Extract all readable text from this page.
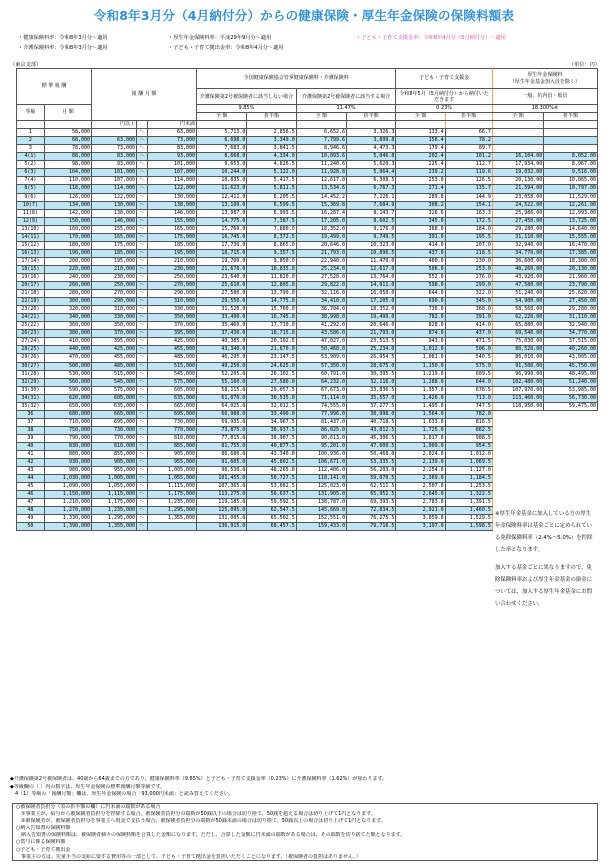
令和8年3月分（4月納付分）からの健康保険・厚生年金保険の保険料額表
・健康保険料率：令和8年3月分～適用
・介護保険料率：令和8年3月分～適用
・厚生年金保険料率：平成29年9月分～適用
・子ども・子育て拠出金率：令和8年4月分～適用
・子ども・子育て支援金率：令和8年4月分（5月納付分）～適用
（東京支部）	（単位：円）
標 準 報 酬		報 酬 月 額			全国健康保険協会管掌健康保険料・介護保険料				子ども・子育て支援金		厚生年金保険料
（厚生年金基金加入員を除く）	
					介護保険第2号被保険者に該当しない場合		介護保険第2号被保険者に該当する場合		令和8年5月（5月納付分）から納付いただきます		一般、坑内員・船員	
等級	月 額				9.85%		11.47%		0.23%		18.300%※	
					全 額	折半額	全 額	折半額	全 額	折半額	全 額	折半額
		円以上		円未満								
1	58,000		～	63,000	5,713.0	2,856.5	6,652.6	3,326.3	133.4	66.7		
2	68,000	63,000	～	73,000	6,698.0	3,349.0	7,799.6	3,899.8	156.4	78.2		
3	78,000	73,000	～	83,000	7,683.0	3,841.5	8,946.6	4,473.3	179.4	89.7		
4(1)	88,000	83,000	～	93,000	8,668.0	4,334.0	10,093.6	5,046.8	202.4	101.2	16,104.00	8,052.00
5(2)	98,000	93,000	～	101,000	9,653.0	4,826.5	11,240.6	5,620.3	225.4	112.7	17,934.00	8,967.00
6(3)	104,000	101,000	～	107,000	10,244.0	5,122.0	11,928.8	5,964.4	239.2	119.6	19,032.00	9,516.00
7(4)	110,000	107,000	～	114,000	10,835.0	5,417.5	12,617.0	6,308.5	253.0	126.5	20,130.00	10,065.00
8(5)	118,000	114,000	～	122,000	11,623.0	5,811.5	13,534.6	6,767.3	271.4	135.7	21,594.00	10,797.00
9(6)	126,000	122,000	～	130,000	12,411.0	6,205.5	14,452.2	7,226.1	289.8	144.9	23,058.00	11,529.00
10(7)	134,000	130,000	～	138,000	13,199.0	6,599.5	15,369.8	7,684.9	308.2	154.1	24,522.00	12,261.00
11(8)	142,000	138,000	～	146,000	13,987.0	6,993.5	16,287.4	8,143.7	326.6	163.3	25,986.00	12,993.00
12(9)	150,000	146,000	～	155,000	14,775.0	7,387.5	17,205.0	8,602.5	345.0	172.5	27,450.00	13,725.00
13(10)	160,000	155,000	～	165,000	15,760.0	7,880.0	18,352.0	9,176.0	368.0	184.0	29,280.00	14,640.00
14(11)	170,000	165,000	～	175,000	16,745.0	8,372.5	19,499.0	9,749.5	391.0	195.5	31,110.00	15,555.00
15(12)	180,000	175,000	～	185,000	17,730.0	8,865.0	20,646.0	10,323.0	414.0	207.0	32,940.00	16,470.00
16(13)	190,000	185,000	～	195,000	18,715.0	9,357.5	21,793.0	10,896.5	437.0	218.5	34,770.00	17,385.00
17(14)	200,000	195,000	～	210,000	19,700.0	9,850.0	22,940.0	11,470.0	460.0	230.0	36,600.00	18,300.00
18(15)	220,000	210,000	～	230,000	21,670.0	10,835.0	25,234.0	12,617.0	506.0	253.0	40,260.00	20,130.00
19(16)	240,000	230,000	～	250,000	23,640.0	11,820.0	27,528.0	13,764.0	552.0	276.0	43,920.00	21,960.00
20(17)	260,000	250,000	～	270,000	25,610.0	12,805.0	29,822.0	14,911.0	598.0	299.0	47,580.00	23,790.00
21(18)	280,000	270,000	～	290,000	27,580.0	13,790.0	32,116.0	16,058.0	644.0	322.0	51,240.00	25,620.00
22(19)	300,000	290,000	～	310,000	29,550.0	14,775.0	34,410.0	17,205.0	690.0	345.0	54,900.00	27,450.00
23(20)	320,000	310,000	～	330,000	31,520.0	15,760.0	36,704.0	18,352.0	736.0	368.0	58,560.00	29,280.00
24(21)	340,000	330,000	～	350,000	33,490.0	16,745.0	38,998.0	19,499.0	782.0	391.0	62,220.00	31,110.00
25(22)	360,000	350,000	～	370,000	35,460.0	17,730.0	41,292.0	20,646.0	828.0	414.0	65,880.00	32,940.00
26(23)	380,000	370,000	～	395,000	37,430.0	18,715.0	43,586.0	21,793.0	874.0	437.0	69,540.00	34,770.00
27(24)	410,000	395,000	～	425,000	40,385.0	20,192.5	47,027.0	23,513.5	943.0	471.5	75,030.00	37,515.00
28(25)	440,000	425,000	～	455,000	43,340.0	21,670.0	50,468.0	25,234.0	1,012.0	506.0	80,520.00	40,260.00
29(26)	470,000	455,000	～	485,000	46,295.0	23,147.5	53,909.0	26,954.5	1,081.0	540.5	86,010.00	43,005.00
30(27)	500,000	485,000	～	515,000	49,250.0	24,625.0	57,350.0	28,675.0	1,150.0	575.0	91,500.00	45,750.00
31(28)	530,000	515,000	～	545,000	52,205.0	26,102.5	60,791.0	30,395.5	1,219.0	609.5	96,990.00	48,495.00
32(29)	560,000	545,000	～	575,000	55,160.0	27,580.0	64,232.0	32,116.0	1,288.0	644.0	102,480.00	51,240.00
33(30)	590,000	575,000	～	605,000	58,115.0	29,057.5	67,673.0	33,836.5	1,357.0	678.5	107,970.00	53,985.00
34(31)	620,000	605,000	～	635,000	61,070.0	30,535.0	71,114.0	35,557.0	1,426.0	713.0	113,460.00	56,730.00
35(32)	650,000	635,000	～	665,000	64,025.0	32,012.5	74,555.0	37,277.5	1,495.0	747.5	118,950.00	59,475.00
36	680,000	665,000	～	695,000	66,980.0	33,490.0	77,996.0	38,998.0	1,564.0	782.0		
37	710,000	695,000	～	730,000	69,935.0	34,967.5	81,437.0	40,718.5	1,633.0	816.5		
38	750,000	730,000	～	770,000	73,875.0	36,937.5	86,025.0	43,012.5	1,725.0	862.5		
39	790,000	770,000	～	810,000	77,815.0	38,907.5	90,613.0	45,306.5	1,817.0	908.5		
40	830,000	810,000	～	855,000	81,755.0	40,877.5	95,201.0	47,600.5	1,909.0	954.5		
41	880,000	855,000	～	905,000	86,680.0	43,340.0	100,936.0	50,468.0	2,024.0	1,012.0		
42	930,000	905,000	～	955,000	91,605.0	45,802.5	106,671.0	53,335.5	2,139.0	1,069.5		
43	980,000	955,000	～	1,005,000	96,530.0	48,265.0	112,406.0	56,203.0	2,254.0	1,127.0		
44	1,030,000	1,005,000	～	1,055,000	101,455.0	50,727.5	118,141.0	59,070.5	2,369.0	1,184.5		
45	1,090,000	1,055,000	～	1,115,000	107,365.0	53,682.5	125,023.0	62,511.5	2,507.0	1,253.5		
46	1,150,000	1,115,000	～	1,175,000	113,275.0	56,637.5	131,905.0	65,952.5	2,645.0	1,322.5		
47	1,210,000	1,175,000	～	1,235,000	119,185.0	59,592.5	138,787.0	69,393.5	2,783.0	1,391.5		
48	1,270,000	1,235,000	～	1,295,000	125,095.0	62,547.5	145,669.0	72,834.5	2,921.0	1,460.5		
49	1,330,000	1,295,000	～	1,355,000	131,005.0	65,502.5	152,551.0	76,275.5	3,059.0	1,529.5		
50	1,390,000	1,355,000	～		136,915.0	68,457.5	159,433.0	79,716.5	3,197.0	1,598.5		

※厚生年金基金に加入している方の厚生年金保険料率は基金ごとに定められている免除保険料率（2.4%～5.0%）を控除した率となります。

加入する基金ごとに異なりますので、免除保険料率および厚生年金基金の掛金については、加入する厚生年金基金にお問い合わせください。

◆介護保険第2号被保険者は、40歳から64歳までの方であり、健康保険料率（9.85%）と子ども・子育て支援金率（0.23%）に介護保険料率（1.62%）が加わります。
◆等級欄の（ ）内の数字は、厚生年金保険の標準報酬月額等級です。
　4（1）等級の「報酬月額」欄は、厚生年金保険の場合「93,000円未満」と読み替えてください。
○被保険者負担分（表の折半額の欄）に円未満の端数がある場合
　①事業主が、給与から被保険者負担分を控除する場合、被保険者負担分の端数が50銭以下の場合は切り捨て、50銭を超える場合は切り上げて1円となります。
　②被保険者が、被保険者負担分を事業主へ現金で支払う場合、被保険者負担分の端数が50銭未満の場合は切り捨て、50銭以上の場合は切り上げて1円となります。
○納入告知書の保険料額
　納入告知書の保険料額は、被保険者個々の保険料額を合算した金額になります。ただし、合算した金額に円未満の端数がある場合は、その端数を切り捨てた額となります。
○賞与に係る保険料額
○子ども・子育て拠出金
　事業主の方は、児童手当の支給に要する費用等の一部として、子ども・子育て拠出金を負担いただくことになります。（被保険者の負担はありません。）
